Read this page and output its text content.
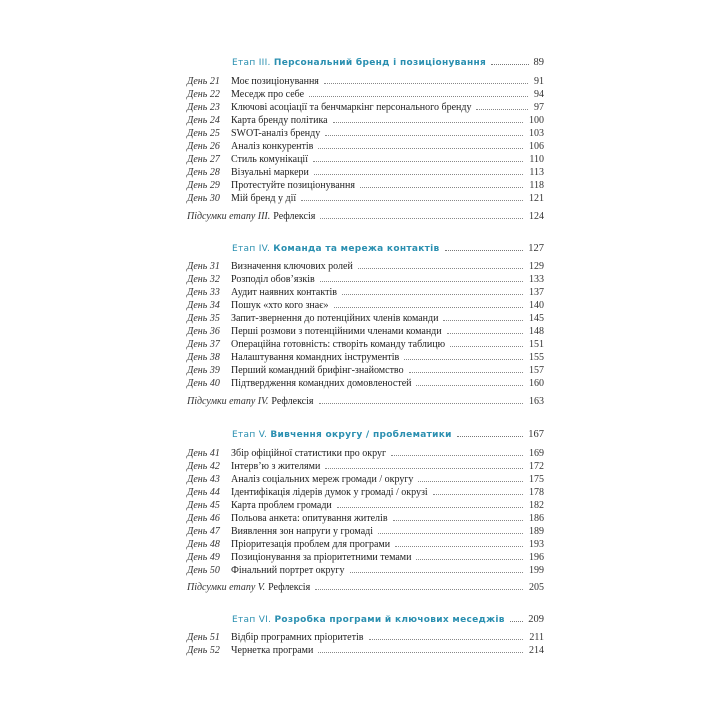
Етап III. Персональний бренд і позиціонування	89
День 21	Моє позиціонування	91
День 22	Меседж про себе	94
День 23	Ключові асоціації та бенчмаркінг персонального бренду	97
День 24	Карта бренду політика	100
День 25	SWOT-аналіз бренду	103
День 26	Аналіз конкурентів	106
День 27	Стиль комунікації	110
День 28	Візуальні маркери	113
День 29	Протестуйте позиціонування	118
День 30	Мій бренд у дії	121
Підсумки етапу III. Рефлексія	124
Етап IV. Команда та мережа контактів	127
День 31	Визначення ключових ролей	129
День 32	Розподіл обов’язків	133
День 33	Аудит наявних контактів	137
День 34	Пошук «хто кого знає»	140
День 35	Запит-звернення до потенційних членів команди	145
День 36	Перші розмови з потенційними членами команди	148
День 37	Операційна готовність: створіть команду таблицю	151
День 38	Налаштування командних інструментів	155
День 39	Перший командний брифінг-знайомство	157
День 40	Підтвердження командних домовленостей	160
Підсумки етапу IV. Рефлексія	163
Етап V. Вивчення округу / проблематики	167
День 41	Збір офіційної статистики про округ	169
День 42	Інтерв’ю з жителями	172
День 43	Аналіз соціальних мереж громади / округу	175
День 44	Ідентифікація лідерів думок у громаді / окрузі	178
День 45	Карта проблем громади	182
День 46	Польова анкета: опитування жителів	186
День 47	Виявлення зон напруги у громаді	189
День 48	Пріоритезація проблем для програми	193
День 49	Позиціонування за пріоритетними темами	196
День 50	Фінальний портрет округу	199
Підсумки етапу V. Рефлексія	205
Етап VI. Розробка програми й ключових меседжів 209
День 51	Відбір програмних пріоритетів	211
День 52	Чернетка програми	214
